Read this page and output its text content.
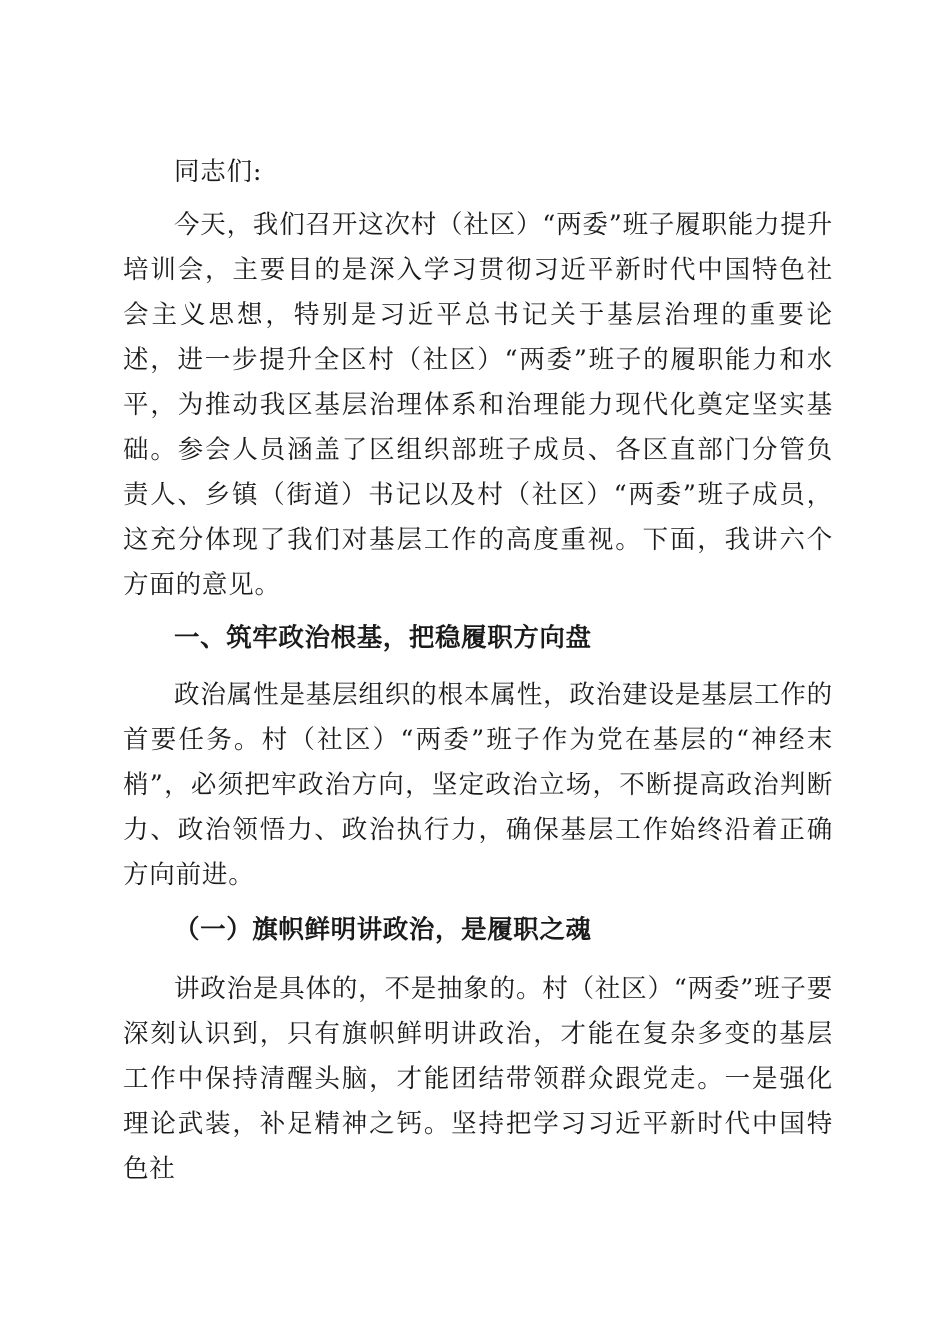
同志们:

今天，我们召开这次村（社区）“两委”班子履职能力提升培训会，主要目的是深入学习贯彻习近平新时代中国特色社会主义思想，特别是习近平总书记关于基层治理的重要论述，进一步提升全区村（社区）“两委”班子的履职能力和水平，为推动我区基层治理体系和治理能力现代化奠定坚实基础。参会人员涵盖了区组织部班子成员、各区直部门分管负责人、乡镇（街道）书记以及村（社区）“两委”班子成员，这充分体现了我们对基层工作的高度重视。下面，我讲六个方面的意见。

一、筑牢政治根基，把稳履职方向盘

政治属性是基层组织的根本属性，政治建设是基层工作的首要任务。村（社区）“两委”班子作为党在基层的“神经末梢”，必须把牢政治方向，坚定政治立场，不断提高政治判断力、政治领悟力、政治执行力，确保基层工作始终沿着正确方向前进。

（一）旗帜鲜明讲政治，是履职之魂

讲政治是具体的，不是抽象的。村（社区）“两委”班子要深刻认识到，只有旗帜鲜明讲政治，才能在复杂多变的基层工作中保持清醒头脑，才能团结带领群众跟党走。一是强化理论武装，补足精神之钙。坚持把学习习近平新时代中国特色社
